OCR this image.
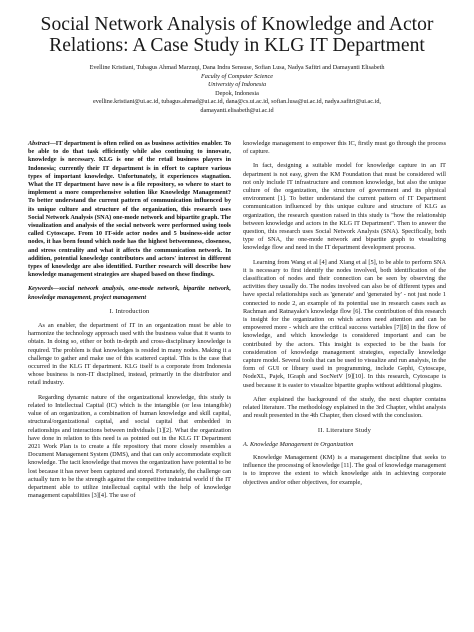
Social Network Analysis of Knowledge and Actor Relations: A Case Study in KLG IT Department
Evelline Kristiani, Tubagus Ahmad Marzuqi, Dana Indra Sensuse, Sofian Lusa, Nadya Safitri and Damayanti Elisabeth
Faculty of Computer Science
University of Indonesia
Depok, Indonesia
evelline.kristiani@ui.ac.id, tubagus.ahmad@ui.ac.id, dana@cs.ui.ac.id, sofian.lusa@ui.ac.id, nadya.safitri@ui.ac.id,
damayanti.elisabeth@ui.ac.id
Abstract—IT department is often relied on as business activities enabler. To be able to do that task efficiently while also continuing to innovate, knowledge is necessary. KLG is one of the retail business players in Indonesia; currently their IT department is in effort to capture various types of important knowledge. Unfortunately, it experiences stagnation. What the IT department have now is a file repository, so where to start to implement a more comprehensive solution like Knowledge Management? To better understand the current pattern of communication influenced by its unique culture and structure of the organization, this research uses Social Network Analysis (SNA) one-mode network and bipartite graph. The visualization and analysis of the social network were performed using tools called Cytoscape. From 10 IT-side actor nodes and 5 business-side actor nodes, it has been found which node has the highest betweenness, closeness, and stress centrality and what it affects the communication network. In addition, potential knowledge contributors and actors' interest in different types of knowledge are also identified. Further research will describe how knowledge management strategies are shaped based on these findings.
Keywords—social network analysis, one-mode network, bipartite network, knowledge management, project management
I. Introduction

As an enabler, the department of IT in an organization must be able to harmonize the technology approach used with the business value that it wants to obtain. In doing so, either or both in-depth and cross-disciplinary knowledge is required. The problem is that knowledges is resided in many nodes. Making it a challenge to gather and make use of this scattered capital. This is the case that occurred in the KLG IT department. KLG itself is a corporate from Indonesia whose business is non-IT disciplined, instead, primarily in the distributor and retail industry.

Regarding dynamic nature of the organizational knowledge, this study is related to Intellectual Capital (IC) which is the intangible (or less intangible) value of an organization, a combination of human knowledge and skill capital, structural/organizational capital, and social capital that embedded in relationships and interactions between individuals [1][2]. What the organization have done in relation to this need is as pointed out in the KLG IT Department 2021 Work Plan is to create a file repository that more closely resembles a Document Management System (DMS), and that can only accommodate explicit knowledge. The tacit knowledge that moves the organization have potential to be lost because it has never been captured and stored. Fortunately, the challenge can actually turn to be the strength against the competitive industrial world if the IT department able to utilize intellectual capital with the help of knowledge management capabilities [3][4]. The use of

knowledge management to empower this IC, firstly must go through the process of capture.

In fact, designing a suitable model for knowledge capture in an IT department is not easy, given the KM Foundation that must be considered will not only include IT infrastructure and common knowledge, but also the unique culture of the organization, the structure of government and its physical environment [1]. To better understand the current pattern of IT Department communication influenced by this unique culture and structure of KLG as organization, the research question raised in this study is "how the relationship between knowledge and actors in the KLG IT Department". Then to answer the question, this research uses Social Network Analysis (SNA). Specifically, both type of SNA, the one-mode network and bipartite graph to visualizing knowledge flow and need in the IT department development process.

Learning from Wang et al [4] and Xiang et al [5], to be able to perform SNA it is necessary to first identify the nodes involved, both identification of the classification of nodes and their connection can be seen by observing the activities they usually do. The nodes involved can also be of different types and have special relationships such as 'generate' and 'generated by' - not just node 1 connected to node 2, an example of its potential use in research cases such as Rachman and Ratnayake's knowledge flow [6]. The contribution of this research is insight for the organization on which actors need attention and can be empowered more - which are the critical success variables [7][8] in the flow of knowledge, and which knowledge is considered important and can be contributed by the actors. This insight is expected to be the basis for consideration of knowledge management strategies, especially knowledge capture model. Several tools that can be used to visualize and run analysis, in the form of GUI or library used in programming, include Gephi, Cytoscape, NodeXL, Pajek, IGraph and SocNetV [9][10]. In this research, Cytoscape is used because it is easier to visualize bipartite graphs without additional plugins.

After explained the background of the study, the next chapter contains related literature. The methodology explained in the 3rd Chapter, whilst analysis and result presented in the 4th Chapter, then closed with the conclusion.

II. Literature Study
A. Knowledge Management in Organization

Knowledge Management (KM) is a management discipline that seeks to influence the processing of knowledge [11]. The goal of knowledge management is to improve the extent to which knowledge aids in achieving corporate objectives and/or other objectives, for example,
